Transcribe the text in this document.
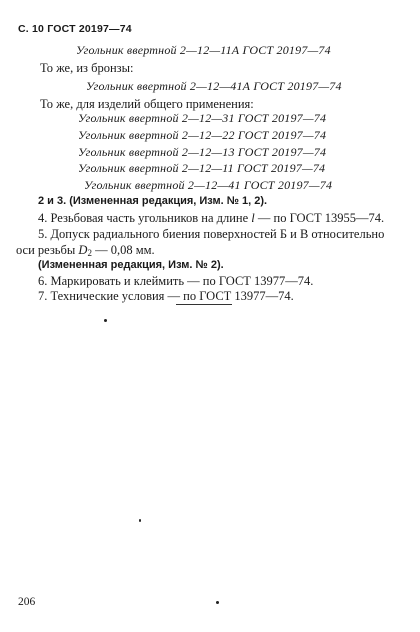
С. 10 ГОСТ 20197—74
Угольник ввертной 2—12—11А ГОСТ 20197—74
То же, из бронзы:
Угольник ввертной 2—12—41А ГОСТ 20197—74
То же, для изделий общего применения:
Угольник ввертной 2—12—31 ГОСТ 20197—74
Угольник ввертной 2—12—22 ГОСТ 20197—74
Угольник ввертной 2—12—13 ГОСТ 20197—74
Угольник ввертной 2—12—11 ГОСТ 20197—74
Угольник ввертной 2—12—41 ГОСТ 20197—74
2 и 3. (Измененная редакция, Изм. № 1, 2).
4. Резьбовая часть угольников на длине l — по ГОСТ 13955—74.
5. Допуск радиального биения поверхностей Б и В относительно
оси резьбы $D_2$ — 0,08 мм.
(Измененная редакция, Изм. № 2).
6. Маркировать и клеймить — по ГОСТ 13977—74.
7. Технические условия — по ГОСТ 13977—74.
206
